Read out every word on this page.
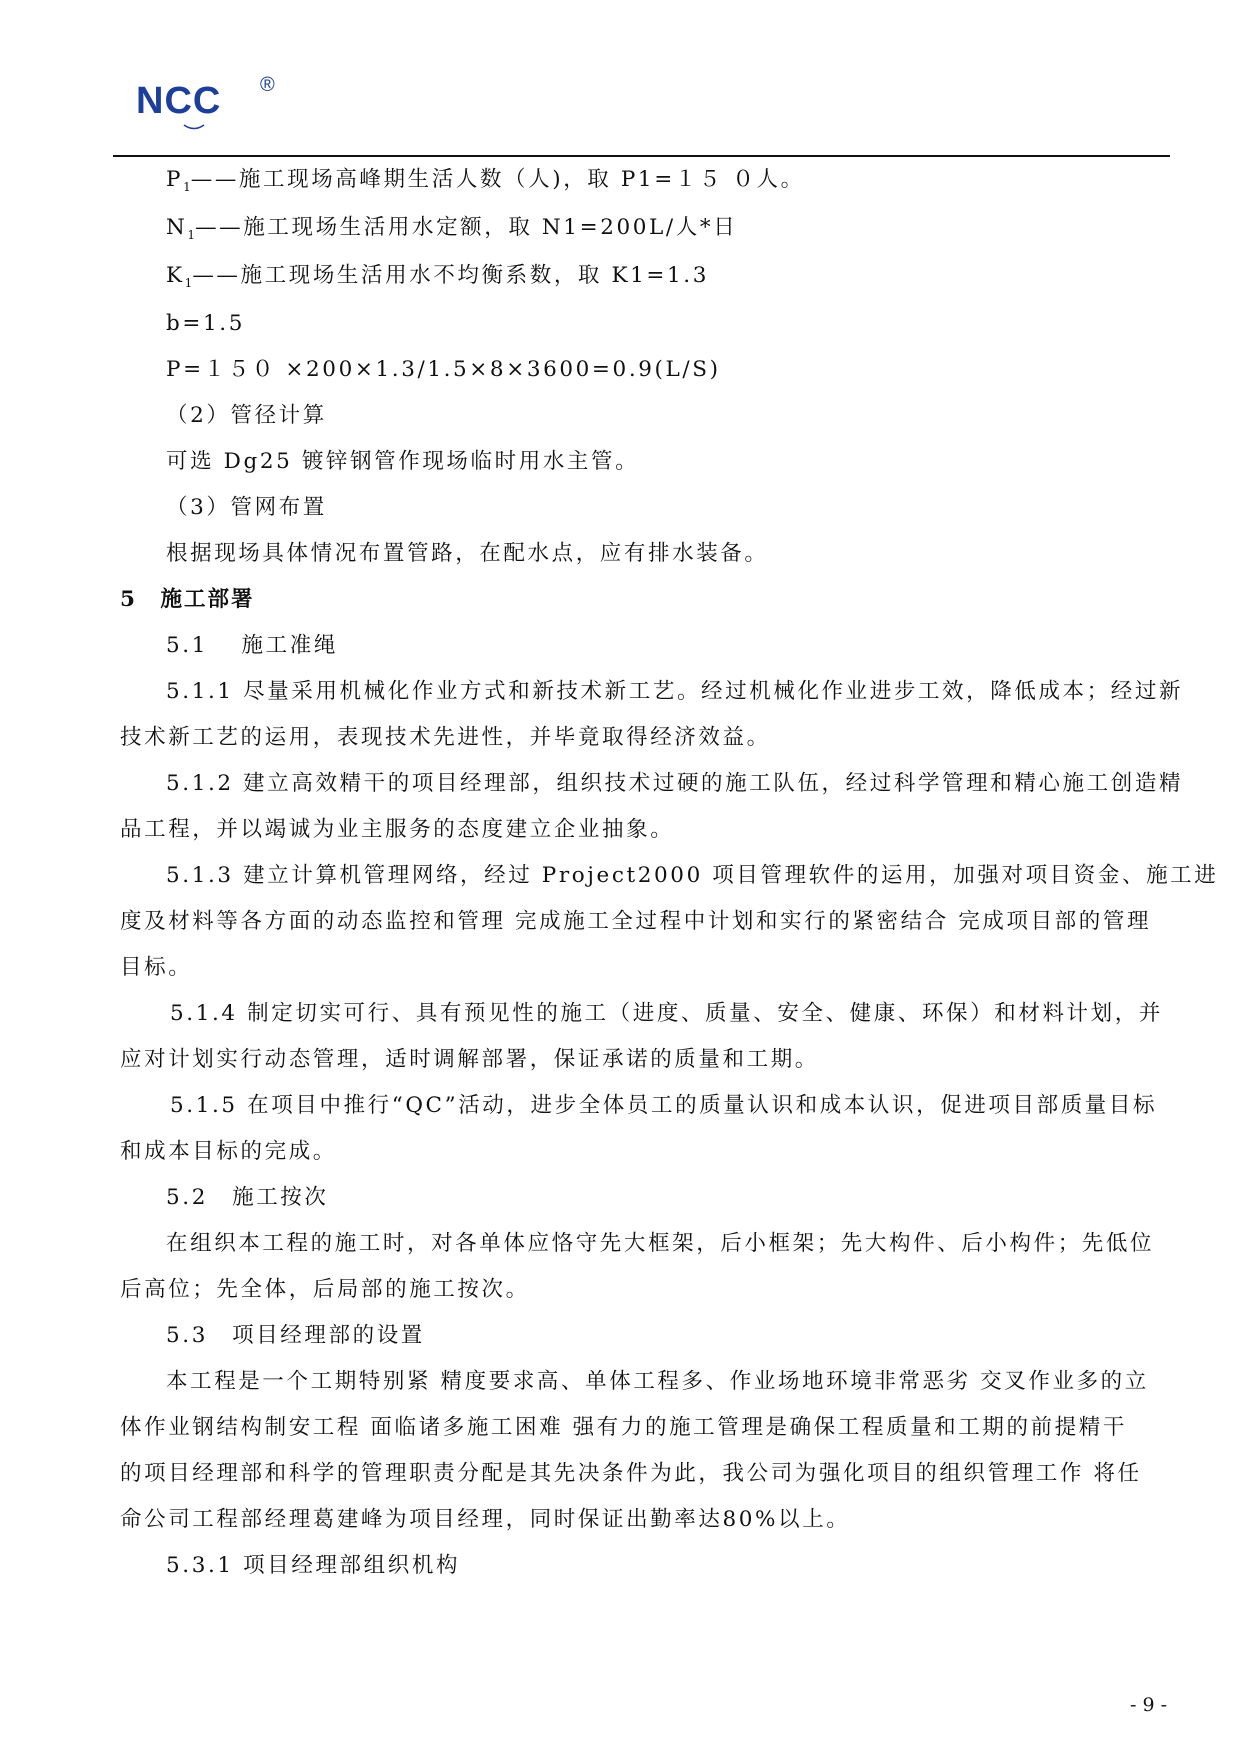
NCC ®

$P_1——$施工现场高峰期生活人数（人)，取 P1=１５ ０人。

$N_1——$施工现场生活用水定额，取 N1=200L/人*日

$K_1——$施工现场生活用水不均衡系数，取 K1=1.3

b=1.5

P=１５０ ×200×1.3/1.5×8×3600=0.9(L/S)

（2）管径计算

可选 Dg25 镀锌钢管作现场临时用水主管。

（3）管网布置

根据现场具体情况布置管路，在配水点，应有排水装备。

5　施工部署

5.1　 施工准绳

5.1.1 尽量采用机械化作业方式和新技术新工艺。经过机械化作业进步工效，降低成本；经过新

技术新工艺的运用，表现技术先进性，并毕竟取得经济效益。

5.1.2 建立高效精干的项目经理部，组织技术过硬的施工队伍，经过科学管理和精心施工创造精

品工程，并以竭诚为业主服务的态度建立企业抽象。

5.1.3 建立计算机管理网络，经过 Project2000 项目管理软件的运用，加强对项目资金、施工进

度及材料等各方面的动态监控和管理 完成施工全过程中计划和实行的紧密结合 完成项目部的管理

目标。

5.1.4 制定切实可行、具有预见性的施工（进度、质量、安全、健康、环保）和材料计划，并

应对计划实行动态管理，适时调解部署，保证承诺的质量和工期。

5.1.5 在项目中推行“QC”活动，进步全体员工的质量认识和成本认识，促进项目部质量目标

和成本目标的完成。

5.2　施工按次

在组织本工程的施工时，对各单体应恪守先大框架，后小框架；先大构件、后小构件；先低位

后高位；先全体，后局部的施工按次。

5.3　项目经理部的设置

本工程是一个工期特别紧 精度要求高、单体工程多、作业场地环境非常恶劣 交叉作业多的立

体作业钢结构制安工程 面临诸多施工困难 强有力的施工管理是确保工程质量和工期的前提精干

的项目经理部和科学的管理职责分配是其先决条件为此，我公司为强化项目的组织管理工作 将任

命公司工程部经理葛建峰为项目经理，同时保证出勤率达80%以上。

5.3.1 项目经理部组织机构

- 9 -
